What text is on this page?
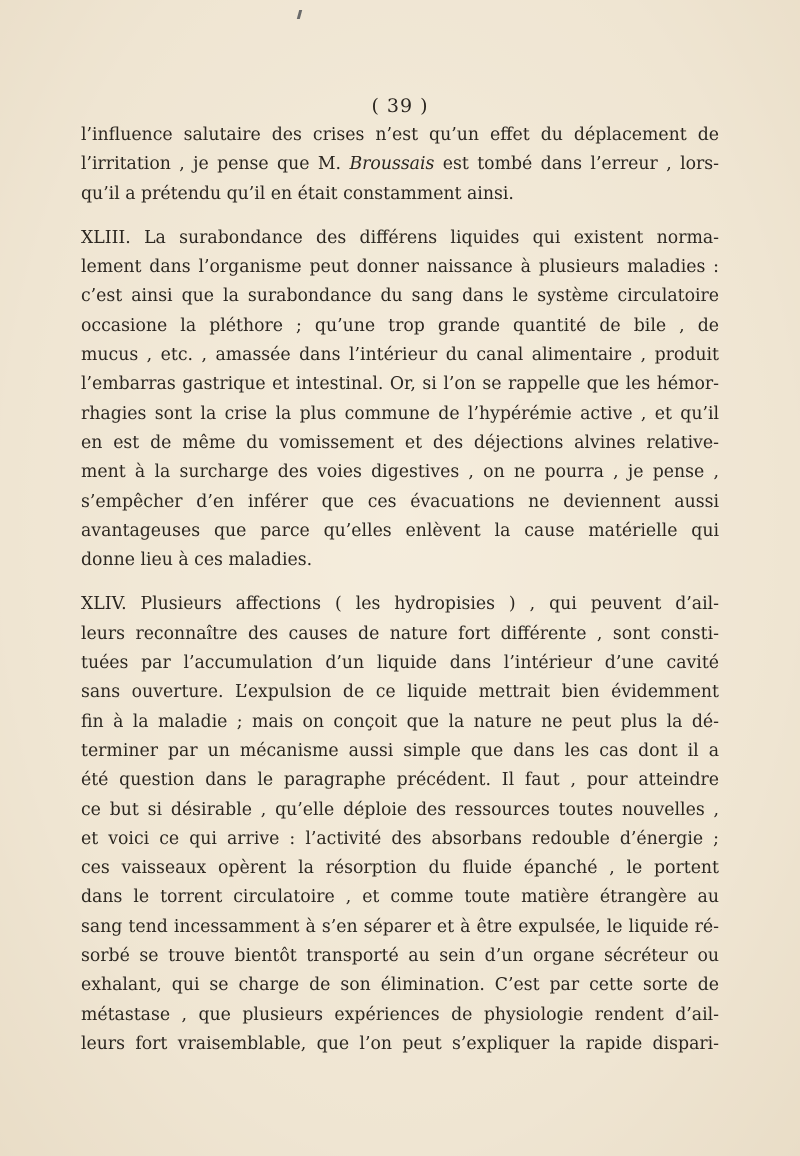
( 39 )
l’influence salutaire des crises n’est qu’un effet du déplacement de
l’irritation , je pense que M. Broussais est tombé dans l’erreur , lors-
qu’il a prétendu qu’il en était constamment ainsi.
XLIII. La surabondance des différens liquides qui existent norma-
lement dans l’organisme peut donner naissance à plusieurs maladies :
c’est ainsi que la surabondance du sang dans le système circulatoire
occasione la pléthore ; qu’une trop grande quantité de bile , de
mucus , etc. , amassée dans l’intérieur du canal alimentaire , produit
l’embarras gastrique et intestinal. Or, si l’on se rappelle que les hémor-
rhagies sont la crise la plus commune de l’hypérémie active , et qu’il
en est de même du vomissement et des déjections alvines relative-
ment à la surcharge des voies digestives , on ne pourra , je pense ,
s’empêcher d’en inférer que ces évacuations ne deviennent aussi
avantageuses que parce qu’elles enlèvent la cause matérielle qui
donne lieu à ces maladies.
XLIV. Plusieurs affections ( les hydropisies ) , qui peuvent d’ail-
leurs reconnaître des causes de nature fort différente , sont consti-
tuées par l’accumulation d’un liquide dans l’intérieur d’une cavité
sans ouverture. L’expulsion de ce liquide mettrait bien évidemment
fin à la maladie ; mais on conçoit que la nature ne peut plus la dé-
terminer par un mécanisme aussi simple que dans les cas dont il a
été question dans le paragraphe précédent. Il faut , pour atteindre
ce but si désirable , qu’elle déploie des ressources toutes nouvelles ,
et voici ce qui arrive : l’activité des absorbans redouble d’énergie ;
ces vaisseaux opèrent la résorption du fluide épanché , le portent
dans le torrent circulatoire , et comme toute matière étrangère au
sang tend incessamment à s’en séparer et à être expulsée, le liquide ré-
sorbé se trouve bientôt transporté au sein d’un organe sécréteur ou
exhalant, qui se charge de son élimination. C’est par cette sorte de
métastase , que plusieurs expériences de physiologie rendent d’ail-
leurs fort vraisemblable, que l’on peut s’expliquer la rapide dispari-
